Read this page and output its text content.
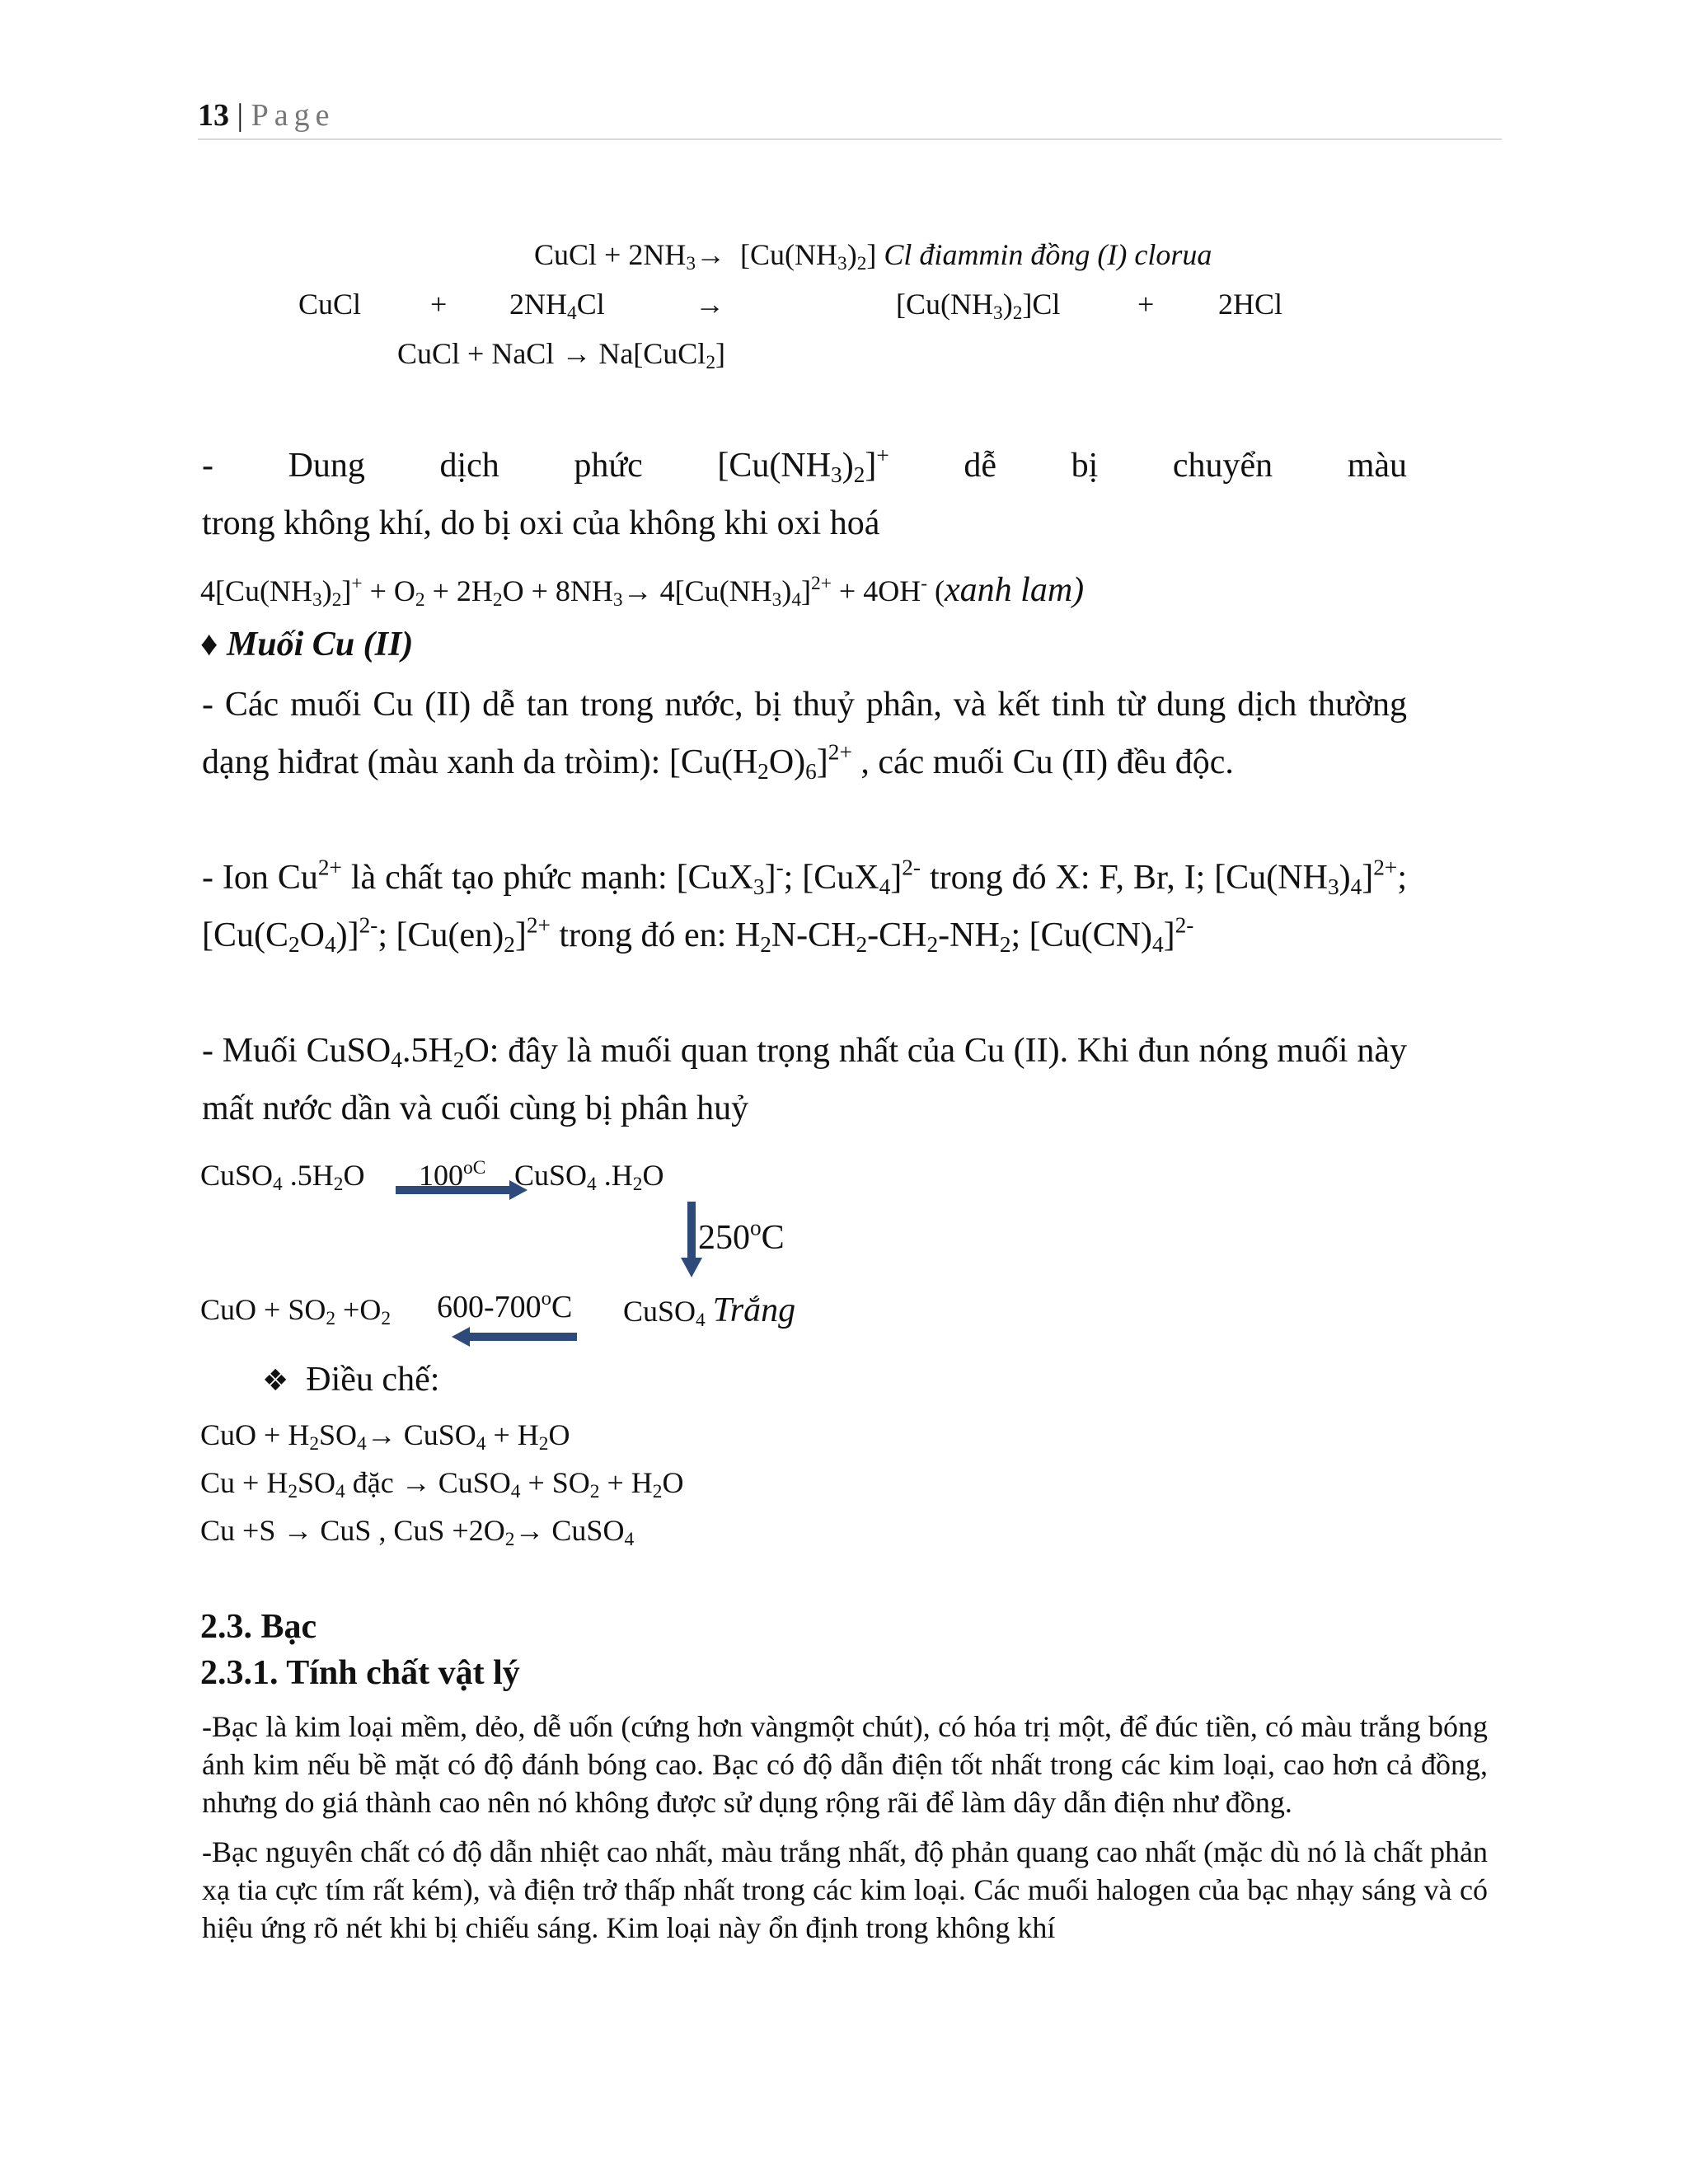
13 | Page
CuCl + $2NH_3\to [Cu(NH_3)_2]$ Cl điammin đồng (I) clorua
CuCl + $2NH_4Cl$	→	$[Cu(NH_3)_2]Cl$	+ 2HCl
CuCl + NaCl → Na[CuCl$_2$]

- Dung dịch phức $[Cu(NH_3)_2]^+$ dễ bị chuyển màu

trong không khí, do bị oxi của không khi oxi hoá

$4[Cu(NH_3)_2]^+ + O_2 + 2H_2O + 8NH_3\to 4[Cu(NH_3)_4]^{2+} + 4OH^-$ (xanh lam)
♦ Muối Cu (II)

- Các muối Cu (II) dễ tan trong nước, bị thuỷ phân, và kết tinh từ dung dịch thường dạng hiđrat (màu xanh da tròim): $[Cu(H_2O)_6]^{2+}$ , các muối Cu (II) đều độc.

- Ion $Cu^{2+}$ là chất tạo phức mạnh: [CuX$_3$]-; $[CuX_4]^{2-}$ trong đó X: F, Br, I; $[Cu(NH_3)_4]^{2+}$; $[Cu(C_2O_4)]^{2-}$; $[Cu(en)_2]^{2+}$ trong đó en: $H_2N-CH_2-CH_2-NH_2$; $[Cu(CN)_4]^{2-}$

- Muối $CuSO_4.5H_2O$: đây là muối quan trọng nhất của Cu (II). Khi đun nóng muối này mất nước dần và cuối cùng bị phân huỷ

CuSO$_4$ $.5H_2O$ $100^{oC}$ CuSO$_4$ $.H_2O$
250$^o$C
CuO + $SO_2 +O_2$ 600-700$^o$C CuSO$_4$ Trắng
❖ Điều chế:
CuO + $H_2SO_4\to$ CuSO$_4$ + $H_2O$
$Cu + H_2SO_4$ đặc → CuSO$_4$ + $SO_2 + H_2O$
Cu +S → CuS , CuS $+2O_2\to$ CuSO$_4$
2.3. Bạc
2.3.1. Tính chất vật lý

-Bạc là kim loại mềm, dẻo, dễ uốn (cứng hơn vàngmột chút), có hóa trị một, để đúc tiền, có màu trắng bóng ánh kim nếu bề mặt có độ đánh bóng cao. Bạc có độ dẫn điện tốt nhất trong các kim loại, cao hơn cả đồng, nhưng do giá thành cao nên nó không được sử dụng rộng rãi để làm dây dẫn điện như đồng.

-Bạc nguyên chất có độ dẫn nhiệt cao nhất, màu trắng nhất, độ phản quang cao nhất (mặc dù nó là chất phản xạ tia cực tím rất kém), và điện trở thấp nhất trong các kim loại. Các muối halogen của bạc nhạy sáng và có hiệu ứng rõ nét khi bị chiếu sáng. Kim loại này ổn định trong không khí
